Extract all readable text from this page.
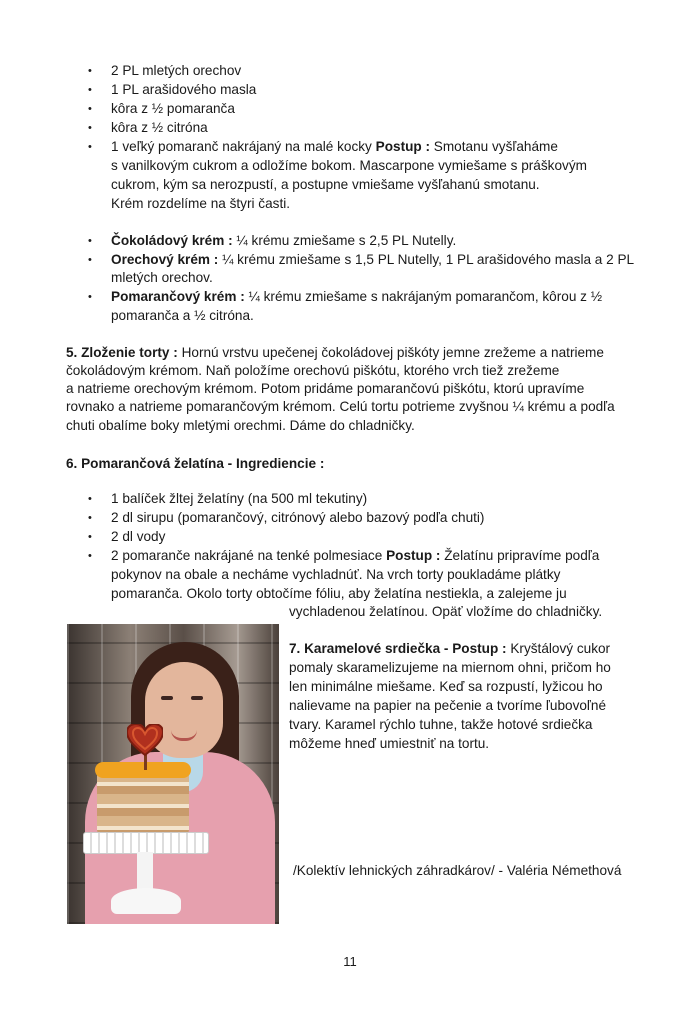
• 2 PL mletých orechov
• 1 PL arašidového masla
• kôra z ½ pomaranča
• kôra z ½ citróna
• 1 veľký pomaranč nakrájaný na malé kocky Postup : Smotanu vyšľaháme
s vanilkovým cukrom a odložíme bokom. Mascarpone vymiešame s práškovým
cukrom, kým sa nerozpustí, a postupne vmiešame vyšľahanú smotanu.
Krém rozdelíme na štyri časti.
• Čokoládový krém : ¼ krému zmiešame s 2,5 PL Nutelly.
• Orechový krém : ¼ krému zmiešame s 1,5 PL Nutelly, 1 PL arašidového masla a 2 PL
mletých orechov.
• Pomarančový krém : ¼ krému zmiešame s nakrájaným pomarančom, kôrou z ½
pomaranča a ½ citróna.
5. Zloženie torty : Hornú vrstvu upečenej čokoládovej piškóty jemne zrežeme a natrieme
čokoládovým krémom. Naň položíme orechovú piškótu, ktorého vrch tiež zrežeme
a natrieme orechovým krémom. Potom pridáme pomarančovú piškótu, ktorú upravíme
rovnako a natrieme pomarančovým krémom. Celú tortu potrieme zvyšnou ¼ krému a podľa
chuti obalíme boky mletými orechmi. Dáme do chladničky.
6. Pomarančová želatína - Ingrediencie :
• 1 balíček žltej želatíny (na 500 ml tekutiny)
• 2 dl sirupu (pomarančový, citrónový alebo bazový podľa chuti)
• 2 dl vody
• 2 pomaranče nakrájané na tenké polmesiace Postup : Želatínu pripravíme podľa
pokynov na obale a necháme vychladnúť. Na vrch torty poukladáme plátky
pomaranča. Okolo torty obtočíme fóliu, aby želatína nestiekla, a zalejeme ju
vychladenou želatínou. Opäť vložíme do chladničky.
7. Karamelové srdiečka - Postup : Kryštálový cukor
pomaly skaramelizujeme na miernom ohni, pričom ho
len minimálne miešame. Keď sa rozpustí, lyžicou ho
nalievame na papier na pečenie a tvoríme ľubovoľné
tvary. Karamel rýchlo tuhne, takže hotové srdiečka
môžeme hneď umiestniť na tortu.
/Kolektív lehnických záhradkárov/ - Valéria Némethová
11
